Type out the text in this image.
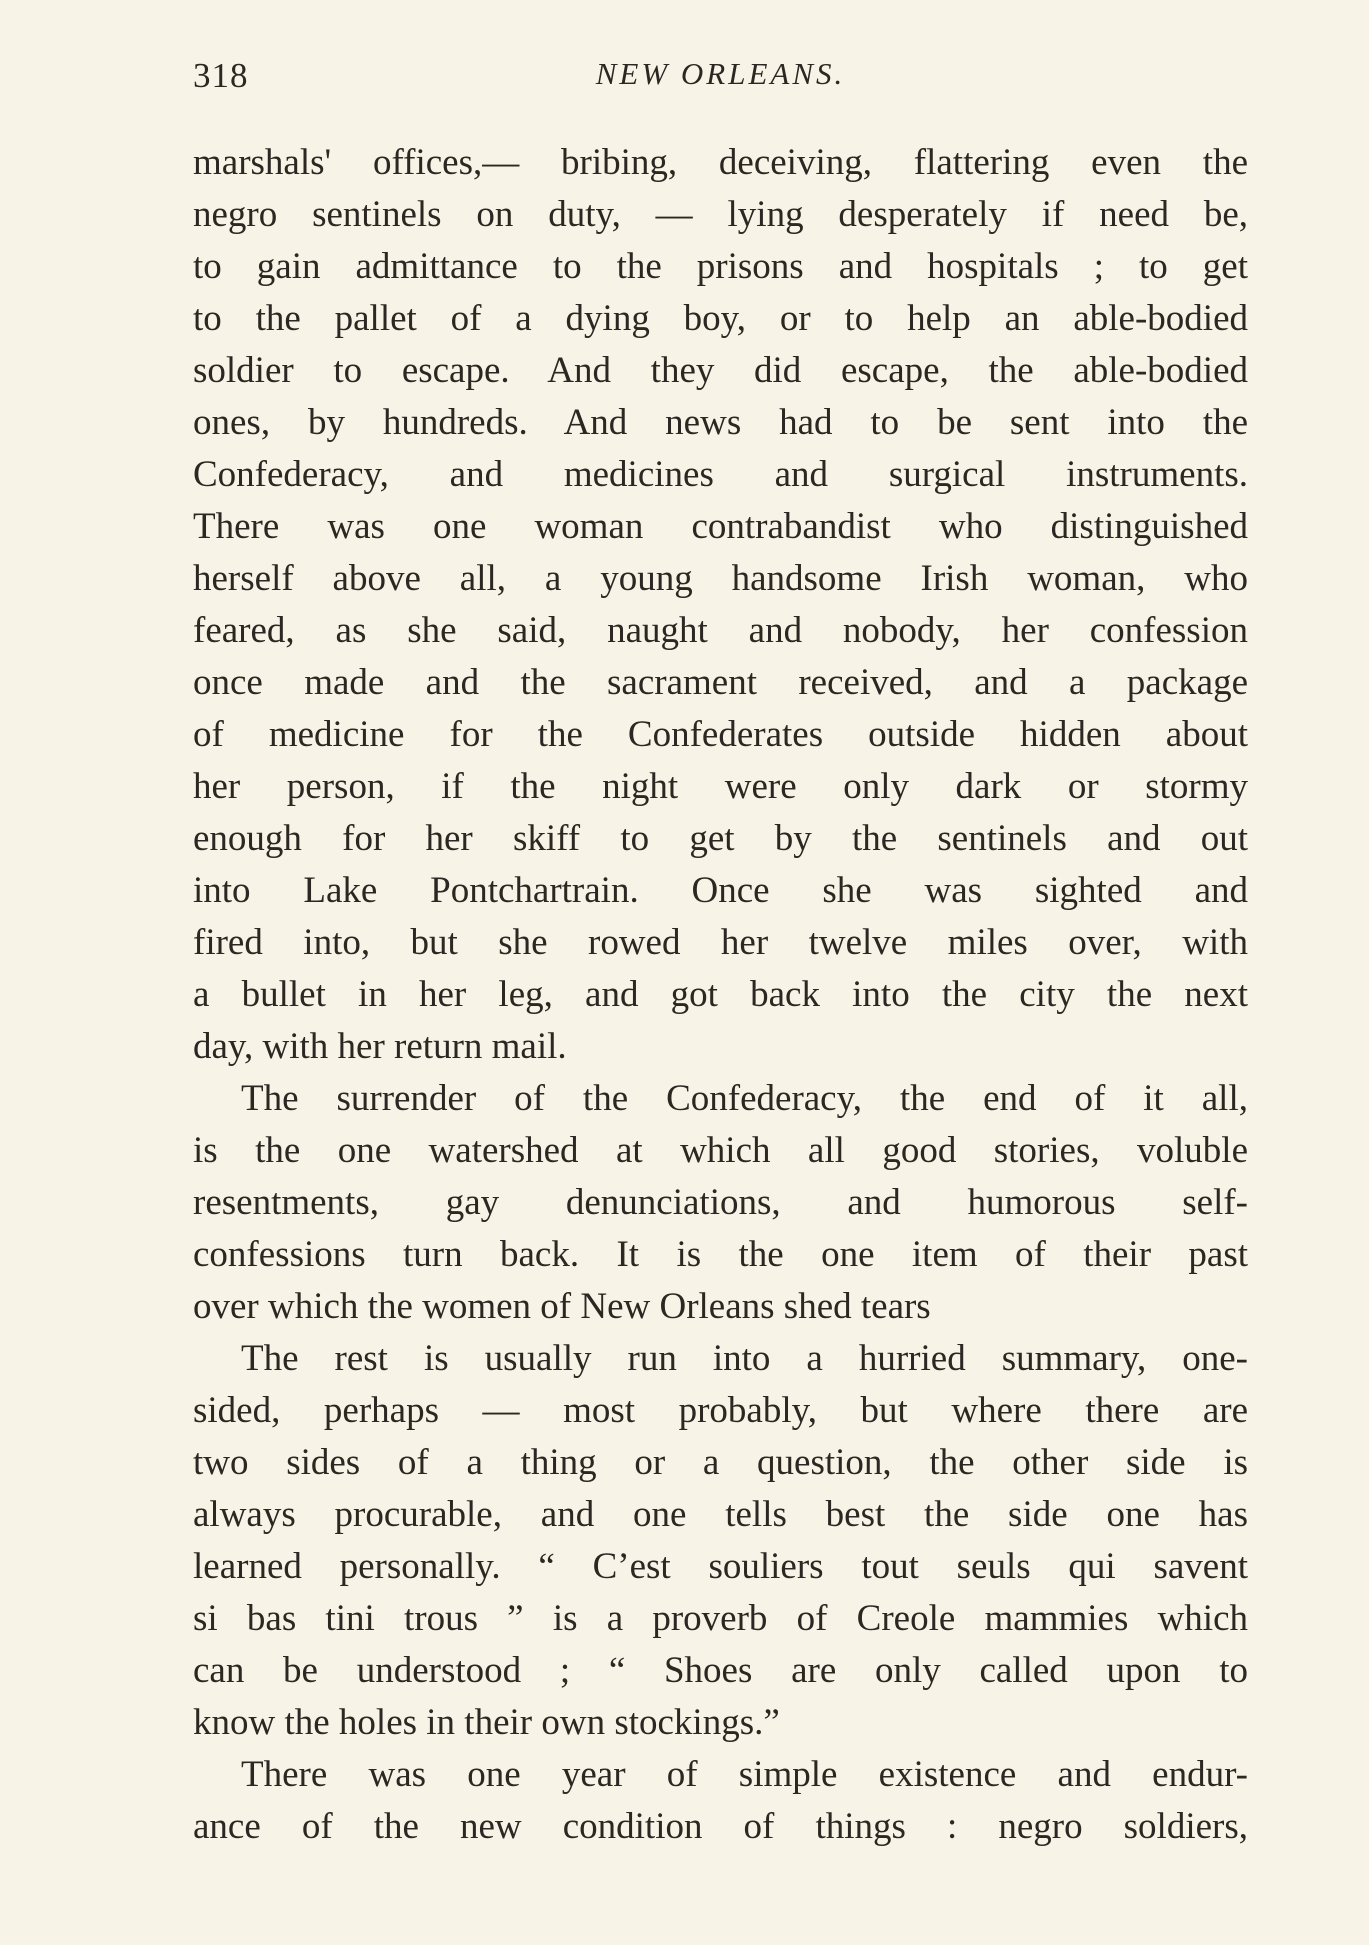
318	NEW ORLEANS.
marshals' offices,— bribing, deceiving, flattering even the
negro sentinels on duty, — lying desperately if need be,
to gain admittance to the prisons and hospitals ; to get
to the pallet of a dying boy, or to help an able-bodied
soldier to escape. And they did escape, the able-bodied
ones, by hundreds. And news had to be sent into the
Confederacy, and medicines and surgical instruments.
There was one woman contrabandist who distinguished
herself above all, a young handsome Irish woman, who
feared, as she said, naught and nobody, her confession
once made and the sacrament received, and a package
of medicine for the Confederates outside hidden about
her person, if the night were only dark or stormy
enough for her skiff to get by the sentinels and out
into Lake Pontchartrain. Once she was sighted and
fired into, but she rowed her twelve miles over, with
a bullet in her leg, and got back into the city the next
day, with her return mail.
The surrender of the Confederacy, the end of it all,
is the one watershed at which all good stories, voluble
resentments, gay denunciations, and humorous self-
confessions turn back. It is the one item of their past
over which the women of New Orleans shed tears
The rest is usually run into a hurried summary, one-
sided, perhaps — most probably, but where there are
two sides of a thing or a question, the other side is
always procurable, and one tells best the side one has
learned personally. “ C’est souliers tout seuls qui savent
si bas tini trous ” is a proverb of Creole mammies which
can be understood ; “ Shoes are only called upon to
know the holes in their own stockings.”
There was one year of simple existence and endur-
ance of the new condition of things : negro soldiers,
